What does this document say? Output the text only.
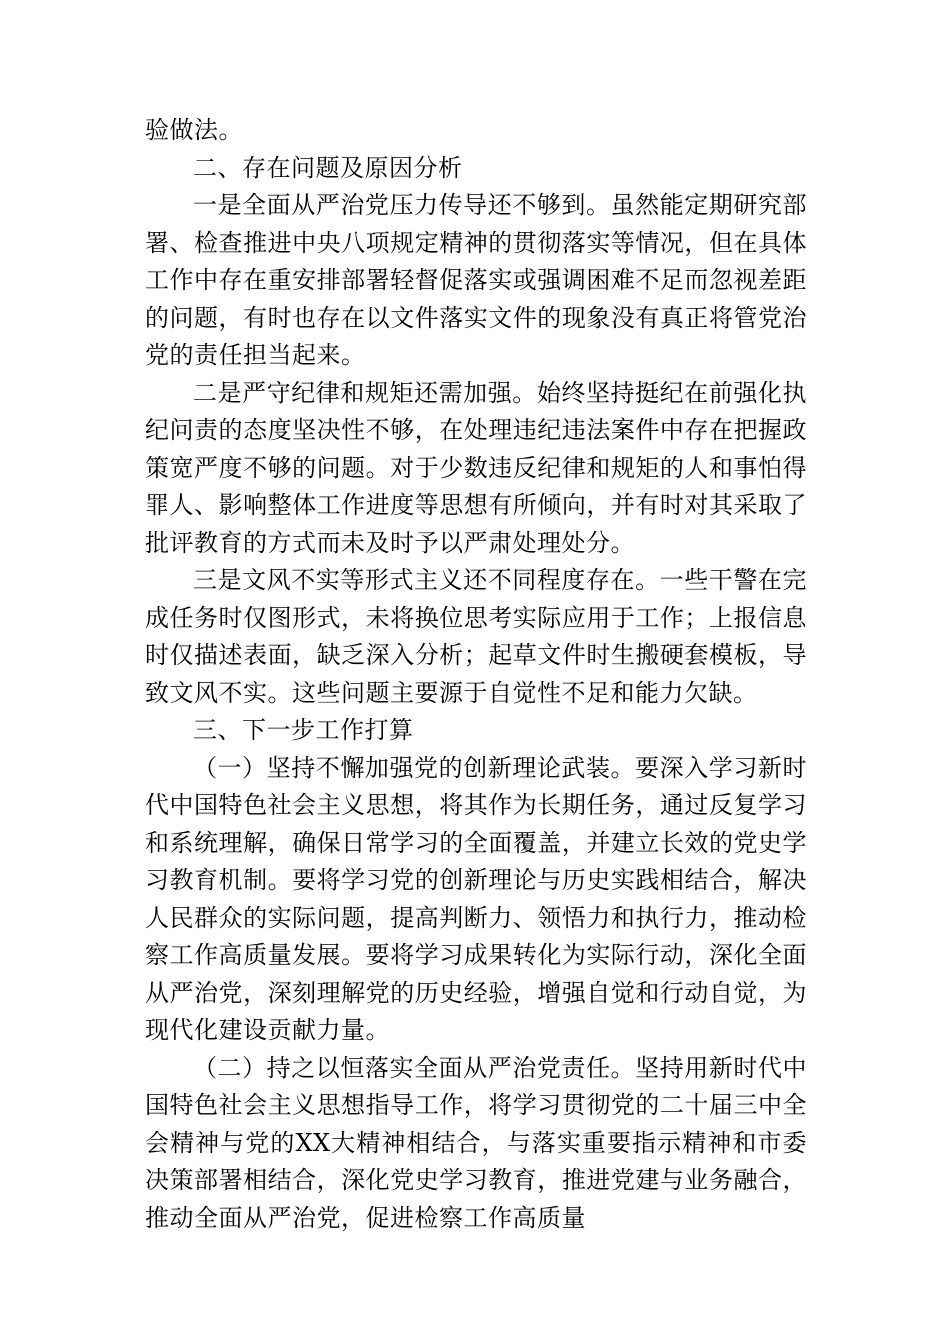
验做法。

二、存在问题及原因分析

一是全面从严治党压力传导还不够到。虽然能定期研究部署、检查推进中央八项规定精神的贯彻落实等情况，但在具体工作中存在重安排部署轻督促落实或强调困难不足而忽视差距的问题，有时也存在以文件落实文件的现象没有真正将管党治党的责任担当起来。

二是严守纪律和规矩还需加强。始终坚持挺纪在前强化执纪问责的态度坚决性不够，在处理违纪违法案件中存在把握政策宽严度不够的问题。对于少数违反纪律和规矩的人和事怕得罪人、影响整体工作进度等思想有所倾向，并有时对其采取了批评教育的方式而未及时予以严肃处理处分。

三是文风不实等形式主义还不同程度存在。一些干警在完成任务时仅图形式，未将换位思考实际应用于工作；上报信息时仅描述表面，缺乏深入分析；起草文件时生搬硬套模板，导致文风不实。这些问题主要源于自觉性不足和能力欠缺。

三、下一步工作打算

（一）坚持不懈加强党的创新理论武装。要深入学习新时代中国特色社会主义思想，将其作为长期任务，通过反复学习和系统理解，确保日常学习的全面覆盖，并建立长效的党史学习教育机制。要将学习党的创新理论与历史实践相结合，解决人民群众的实际问题，提高判断力、领悟力和执行力，推动检察工作高质量发展。要将学习成果转化为实际行动，深化全面从严治党，深刻理解党的历史经验，增强自觉和行动自觉，为现代化建设贡献力量。

（二）持之以恒落实全面从严治党责任。坚持用新时代中国特色社会主义思想指导工作，将学习贯彻党的二十届三中全会精神与党的XX大精神相结合，与落实重要指示精神和市委决策部署相结合，深化党史学习教育，推进党建与业务融合，推动全面从严治党，促进检察工作高质量
